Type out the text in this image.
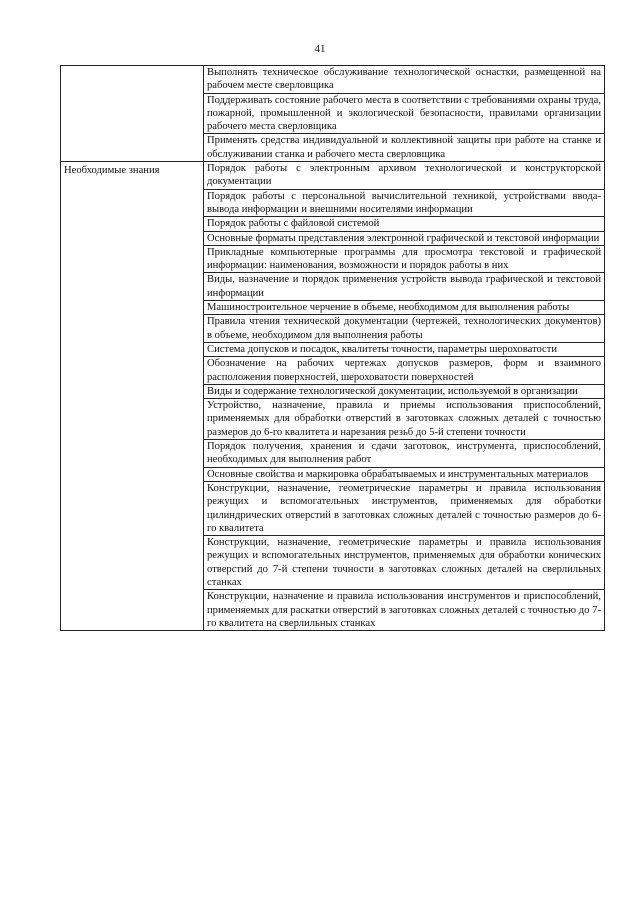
41
	Выполнять техническое обслуживание технологической оснастки, размещенной на рабочем месте сверловщика
	Поддерживать состояние рабочего места в соответствии с требованиями охраны труда, пожарной, промышленной и экологической безопасности, правилами организации рабочего места сверловщика
	Применять средства индивидуальной и коллективной защиты при работе на станке и обслуживании станка и рабочего места сверловщика

Необходимые знания	Порядок работы с электронным архивом технологической и конструкторской документации
	Порядок работы с персональной вычислительной техникой, устройствами ввода-вывода информации и внешними носителями информации
	Порядок работы с файловой системой
	Основные форматы представления электронной графической и текстовой информации
	Прикладные компьютерные программы для просмотра текстовой и графической информации: наименования, возможности и порядок работы в них
	Виды, назначение и порядок применения устройств вывода графической и текстовой информации
	Машиностроительное черчение в объеме, необходимом для выполнения работы
	Правила чтения технической документации (чертежей, технологических документов) в объеме, необходимом для выполнения работы
	Система допусков и посадок, квалитеты точности, параметры шероховатости
	Обозначение на рабочих чертежах допусков размеров, форм и взаимного расположения поверхностей, шероховатости поверхностей
	Виды и содержание технологической документации, используемой в организации
	Устройство, назначение, правила и приемы использования приспособлений, применяемых для обработки отверстий в заготовках сложных деталей с точностью размеров до 6-го квалитета и нарезания резьб до 5-й степени точности
	Порядок получения, хранения и сдачи заготовок, инструмента, приспособлений, необходимых для выполнения работ
	Основные свойства и маркировка обрабатываемых и инструментальных материалов
	Конструкции, назначение, геометрические параметры и правила использования режущих и вспомогательных инструментов, применяемых для обработки цилиндрических отверстий в заготовках сложных деталей с точностью размеров до 6-го квалитета
	Конструкции, назначение, геометрические параметры и правила использования режущих и вспомогательных инструментов, применяемых для обработки конических отверстий до 7-й степени точности в заготовках сложных деталей на сверлильных станках
	Конструкции, назначение и правила использования инструментов и приспособлений, применяемых для раскатки отверстий в заготовках сложных деталей с точностью до 7-го квалитета на сверлильных станках
